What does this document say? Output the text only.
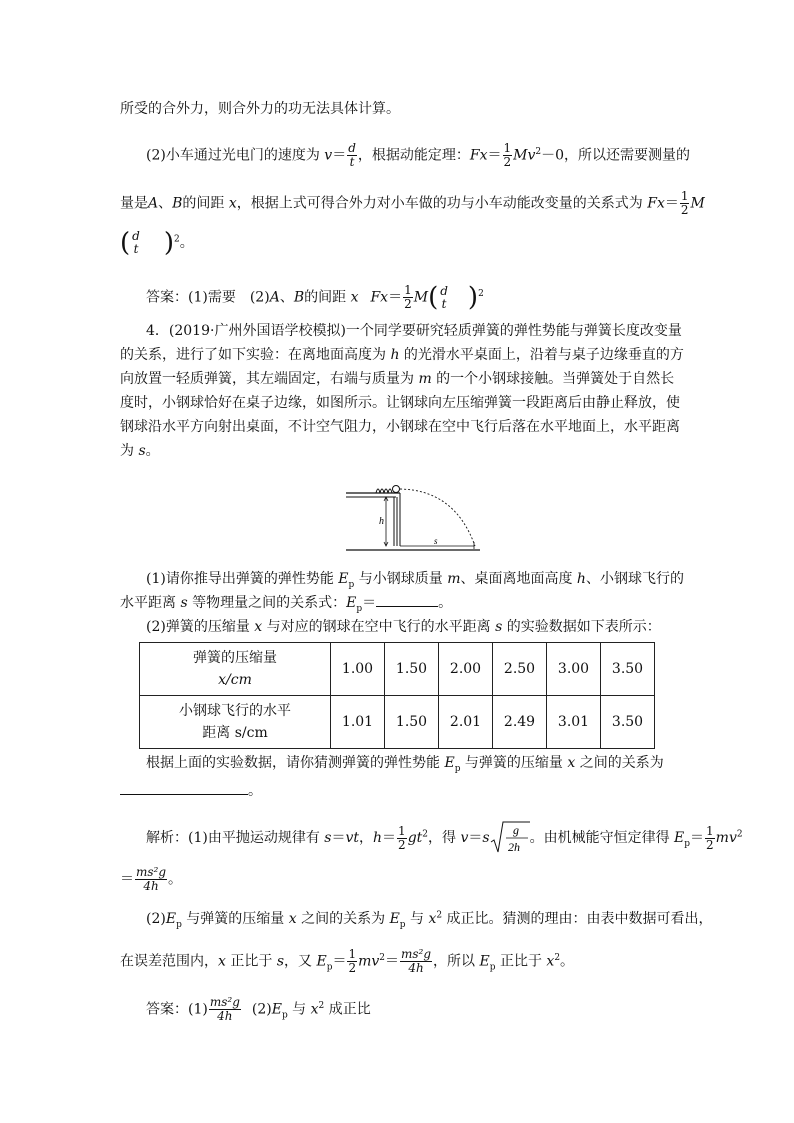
所受的合外力，则合外力的功无法具体计算。
(2)小车通过光电门的速度为 $v= \frac{d}{t}$ ，根据动能定理：$Fx= \frac{1}{2} Mv^2-0$，所以还需要测量的
量是A、B的间距 x，根据上式可得合外力对小车做的功与小车动能改变量的关系式为 $Fx= \frac{1}{2}$ M
( d
t )$^2$。
答案：(1)需要 (2)A、B的间距 x $Fx= \frac{1}{2} M$( d
t )$^2$
4．(2019·广州外国语学校模拟)一个同学要研究轻质弹簧的弹性势能与弹簧长度改变量
的关系，进行了如下实验：在离地面高度为 h 的光滑水平桌面上，沿着与桌子边缘垂直的方
向放置一轻质弹簧，其左端固定，右端与质量为 m 的一个小钢球接触。当弹簧处于自然长
度时，小钢球恰好在桌子边缘，如图所示。让钢球向左压缩弹簧一段距离后由静止释放，使
钢球沿水平方向射出桌面，不计空气阻力，小钢球在空中飞行后落在水平地面上，水平距离
为 s。
h
s
(1)请你推导出弹簧的弹性势能 $E_p$ 与小钢球质量 m、桌面离地面高度 h、小钢球飞行的
水平距离 s 等物理量之间的关系式：$E_p=$	。
(2)弹簧的压缩量 x 与对应的钢球在空中飞行的水平距离 s 的实验数据如下表所示：
弹簧的压缩量
x/cm	1.00	1.50	2.00	2.50	3.00	3.50
小钢球飞行的水平
距离 s/cm	1.01	1.50	2.01	2.49	3.01	3.50
根据上面的实验数据，请你猜测弹簧的弹性势能 $E_p$ 与弹簧的压缩量 x 之间的关系为
。
解析：(1)由平抛运动规律有 s＝vt，$h= \frac{1}{2} gt^2$，得 v＝s g
2h
。由机械能守恒定律得 $E_p= \frac{1}{2} mv^2$
＝ $\frac{\text{ms²g}}{4h}$ 。
$(2)E_p$ 与弹簧的压缩量 x 之间的关系为 $E_p$ 与 $x^2$ 成正比。猜测的理由：由表中数据可看出，
在误差范围内，x 正比于 s，又 $E_p= \frac{1}{2} mv^2= \frac{\text{ms²g}}{4h}$ ，所以 $E_p$ 正比于 $x^2$。
答案：$(1) \frac{\text{ms²g}}{4h} (2)E_p$ 与 $x^2$ 成正比
